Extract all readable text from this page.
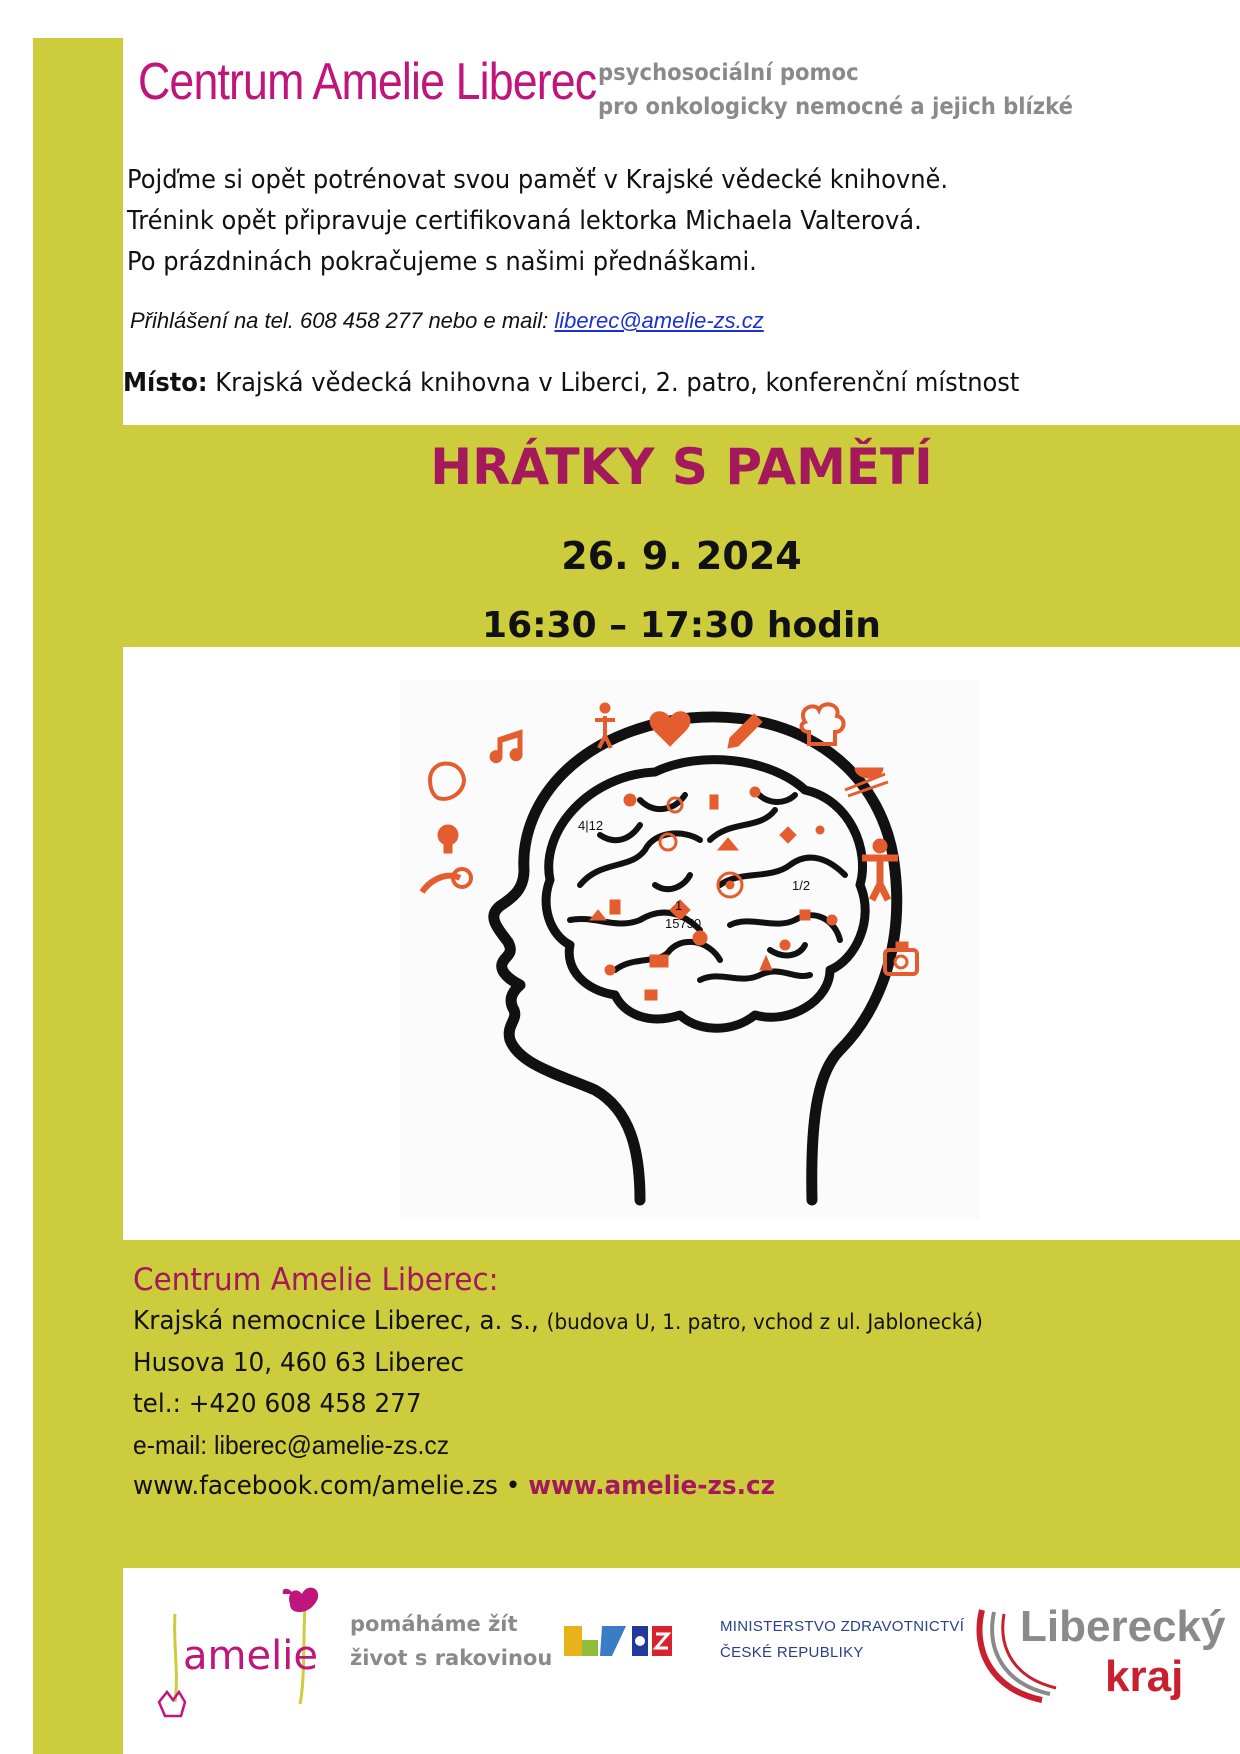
Centrum Amelie Liberec psychosociální pomoc
pro onkologicky nemocné a jejich blízké
Pojďme si opět potrénovat svou paměť v Krajské vědecké knihovně.
Trénink opět připravuje certifikovaná lektorka Michaela Valterová.
Po prázdninách pokračujeme s našimi přednáškami.
Přihlášení na tel. 608 458 277 nebo e mail: liberec@amelie-zs.cz
Místo: Krajská vědecká knihovna v Liberci, 2. patro, konferenční místnost
HRÁTKY S PAMĚTÍ
26. 9. 2024
16:30 – 17:30 hodin
4|12
1/2
1
15750
Centrum Amelie Liberec:
Krajská nemocnice Liberec, a. s., (budova U, 1. patro, vchod z ul. Jablonecká)
Husova 10, 460 63 Liberec
tel.: +420 608 458 277
e-mail: liberec@amelie-zs.cz
www.facebook.com/amelie.zs • www.amelie-zs.cz
amelie
pomáháme žít
život s rakovinou
MINISTERSTVO ZDRAVOTNICTVÍ
ČESKÉ REPUBLIKY
Liberecký
kraj
